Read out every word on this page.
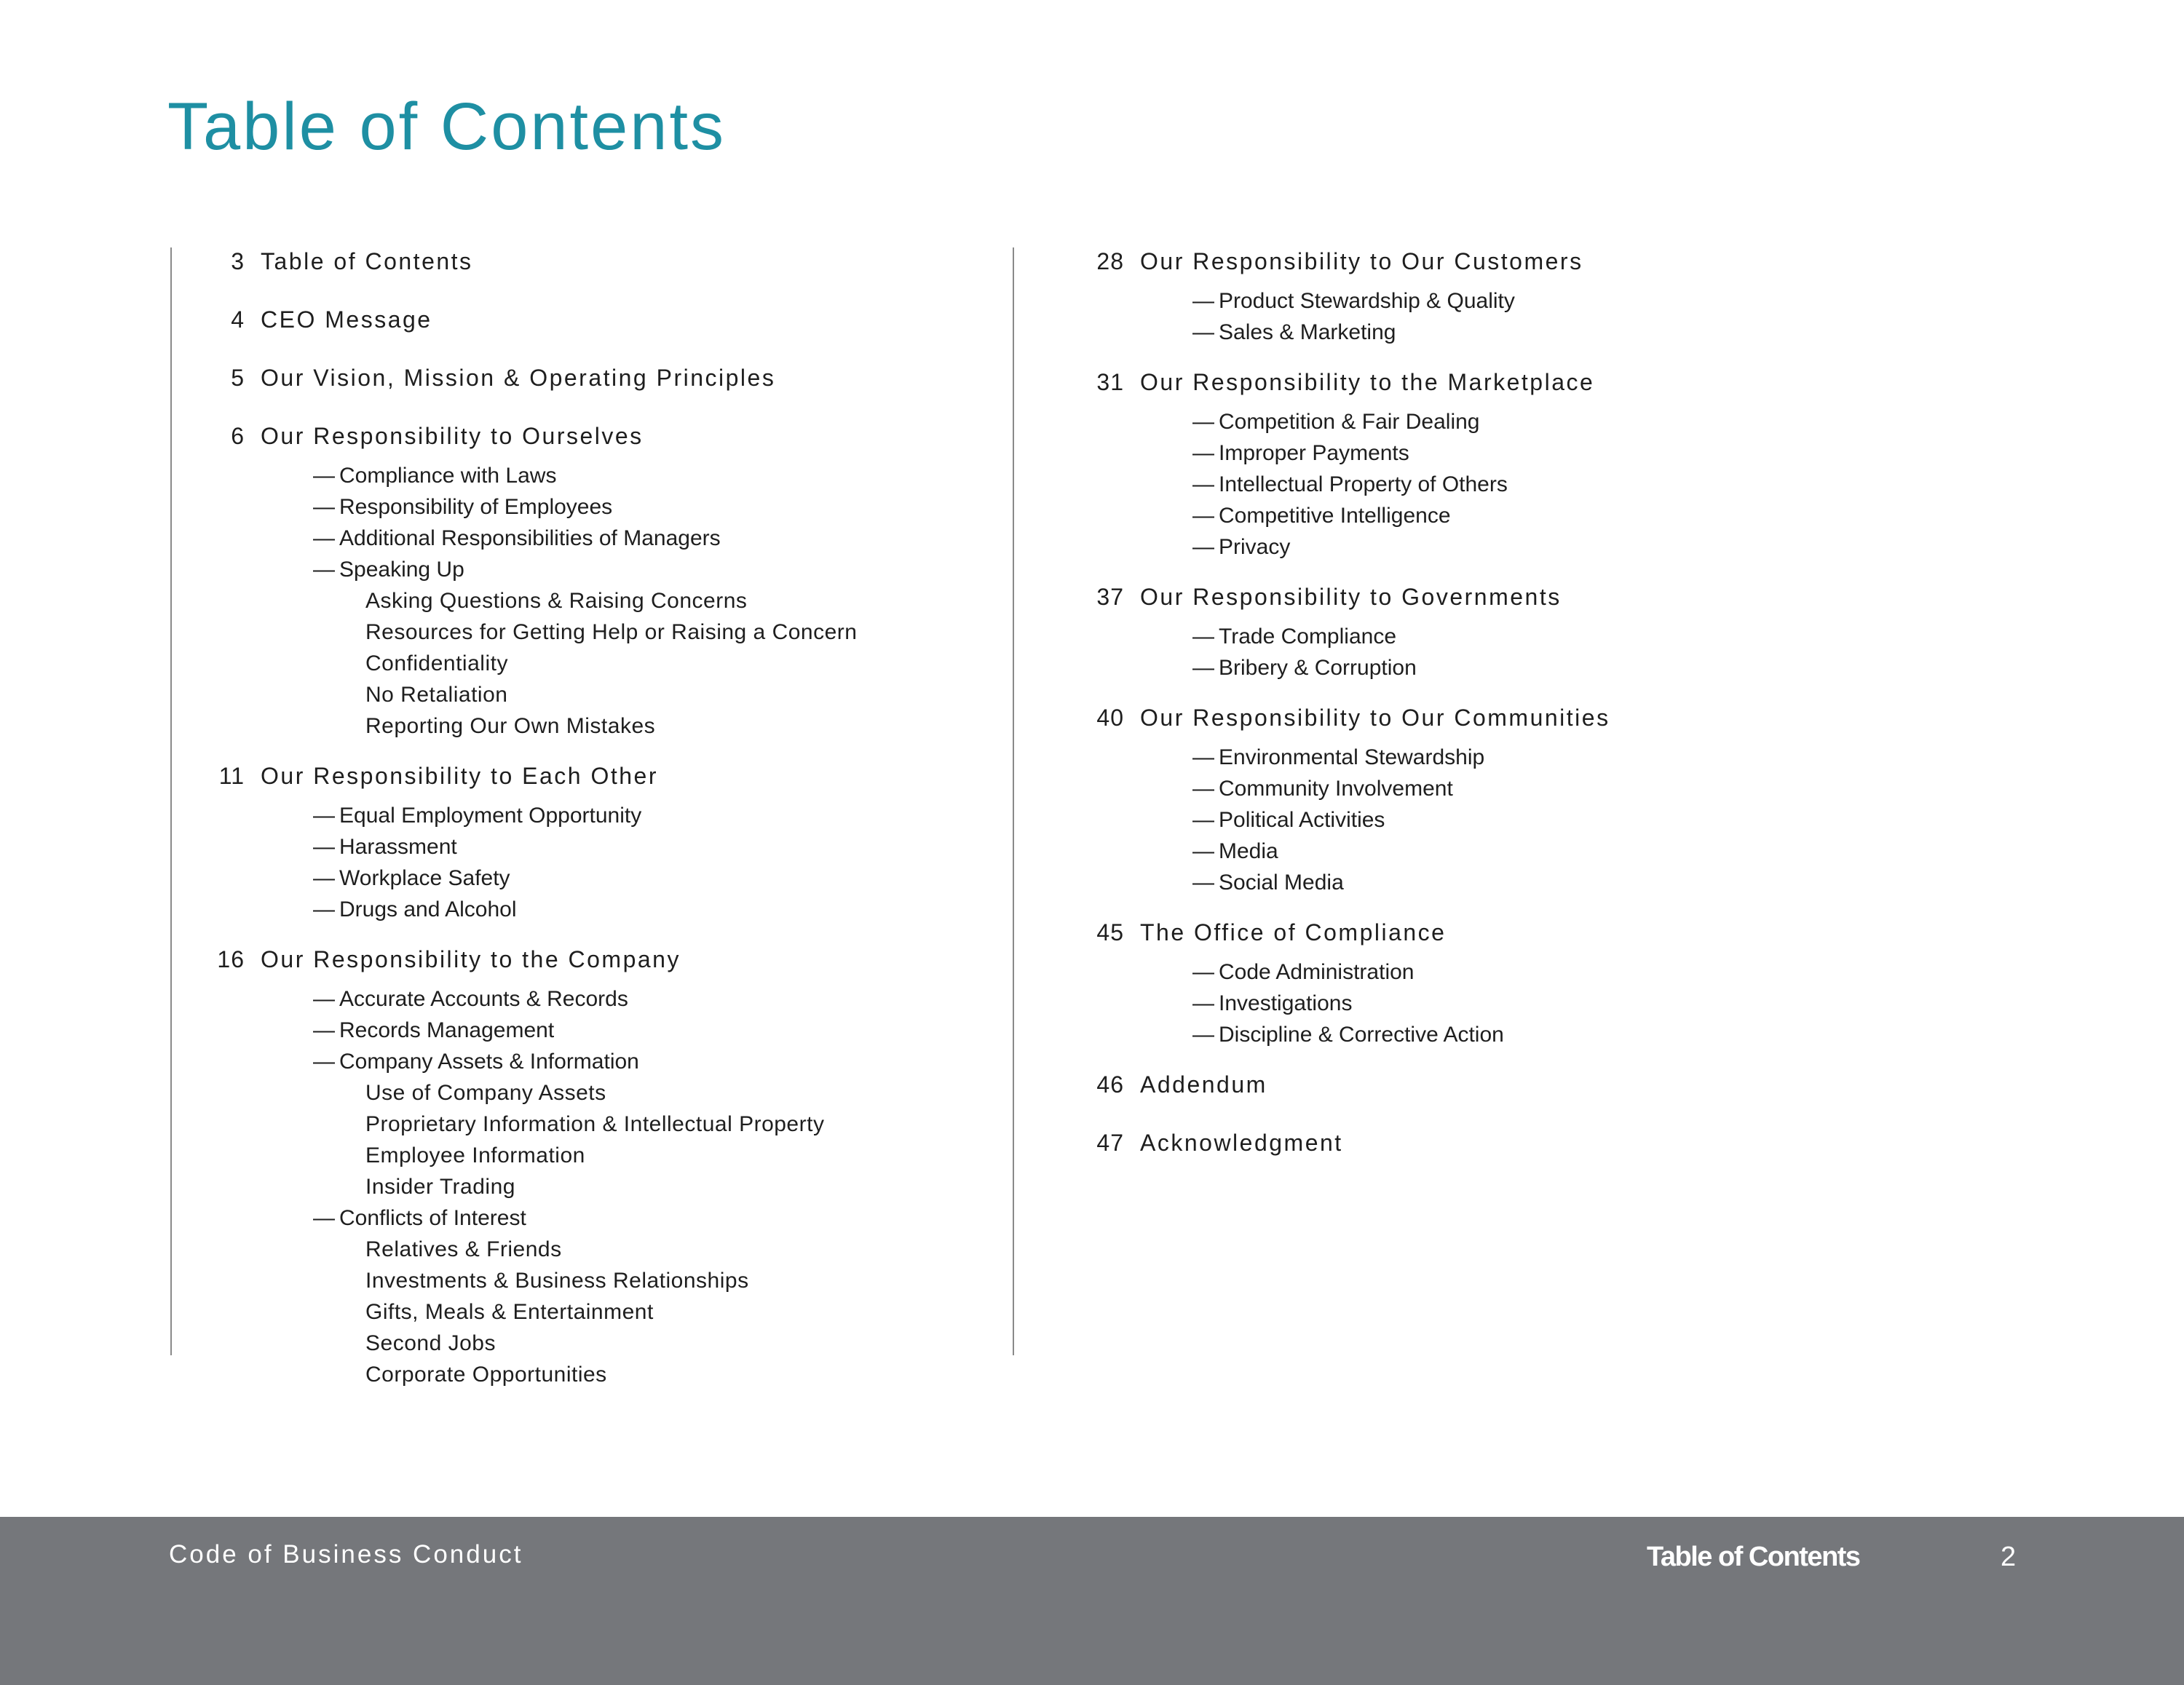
Table of Contents
3 Table of Contents
4 CEO Message
5 Our Vision, Mission & Operating Principles
6 Our Responsibility to Ourselves
— Compliance with Laws
— Responsibility of Employees
— Additional Responsibilities of Managers
— Speaking Up
Asking Questions & Raising Concerns
Resources for Getting Help or Raising a Concern
Confidentiality
No Retaliation
Reporting Our Own Mistakes
11 Our Responsibility to Each Other
— Equal Employment Opportunity
— Harassment
— Workplace Safety
— Drugs and Alcohol
16 Our Responsibility to the Company
— Accurate Accounts & Records
— Records Management
— Company Assets & Information
Use of Company Assets
Proprietary Information & Intellectual Property
Employee Information
Insider Trading
— Conflicts of Interest
Relatives & Friends
Investments & Business Relationships
Gifts, Meals & Entertainment
Second Jobs
Corporate Opportunities
28 Our Responsibility to Our Customers
— Product Stewardship & Quality
— Sales & Marketing
31 Our Responsibility to the Marketplace
— Competition & Fair Dealing
— Improper Payments
— Intellectual Property of Others
— Competitive Intelligence
— Privacy
37 Our Responsibility to Governments
— Trade Compliance
— Bribery & Corruption
40 Our Responsibility to Our Communities
— Environmental Stewardship
— Community Involvement
— Political Activities
— Media
— Social Media
45 The Office of Compliance
— Code Administration
— Investigations
— Discipline & Corrective Action
46 Addendum
47 Acknowledgment
Code of Business Conduct	Table of Contents	2
